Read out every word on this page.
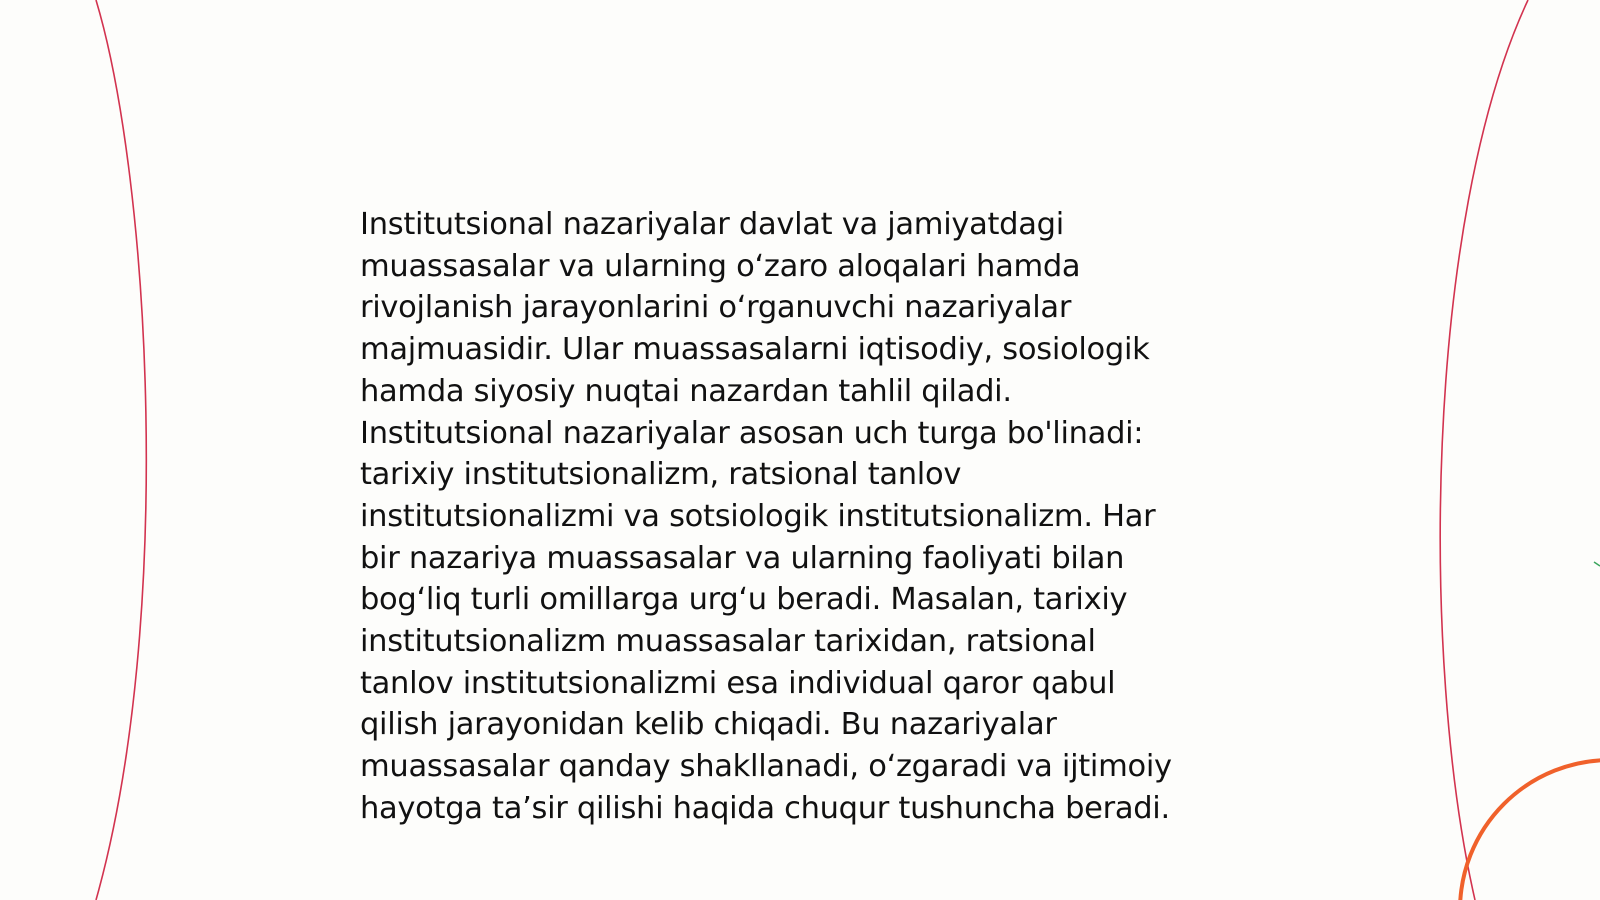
Institutsional nazariyalar davlat va jamiyatdagi
muassasalar va ularning oʻzaro aloqalari hamda
rivojlanish jarayonlarini oʻrganuvchi nazariyalar
majmuasidir. Ular muassasalarni iqtisodiy, sosiologik
hamda siyosiy nuqtai nazardan tahlil qiladi.
Institutsional nazariyalar asosan uch turga bo'linadi:
tarixiy institutsionalizm, ratsional tanlov
institutsionalizmi va sotsiologik institutsionalizm. Har
bir nazariya muassasalar va ularning faoliyati bilan
bogʻliq turli omillarga urgʻu beradi. Masalan, tarixiy
institutsionalizm muassasalar tarixidan, ratsional
tanlov institutsionalizmi esa individual qaror qabul
qilish jarayonidan kelib chiqadi. Bu nazariyalar
muassasalar qanday shakllanadi, oʻzgaradi va ijtimoiy
hayotga taʼsir qilishi haqida chuqur tushuncha beradi.
